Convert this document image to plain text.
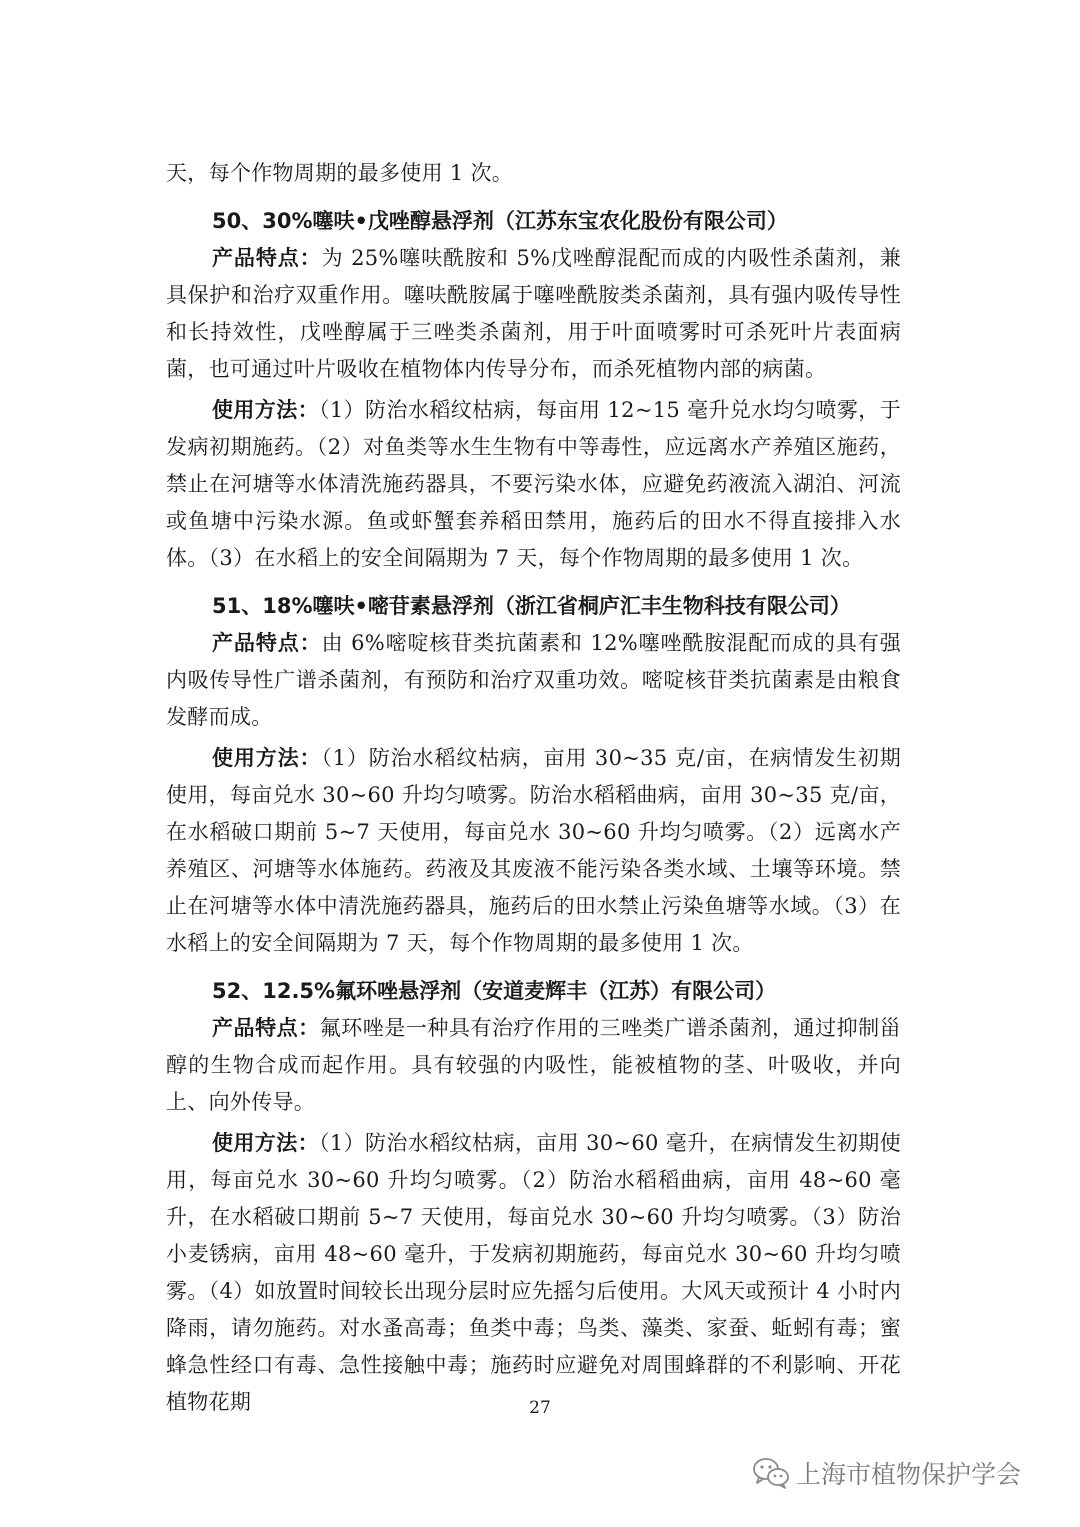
天，每个作物周期的最多使用 1 次。

50、30%噻呋•戊唑醇悬浮剂（江苏东宝农化股份有限公司）

产品特点：为 25%噻呋酰胺和 5%戊唑醇混配而成的内吸性杀菌剂，兼具保护和治疗双重作用。噻呋酰胺属于噻唑酰胺类杀菌剂，具有强内吸传导性和长持效性，戊唑醇属于三唑类杀菌剂，用于叶面喷雾时可杀死叶片表面病菌，也可通过叶片吸收在植物体内传导分布，而杀死植物内部的病菌。

使用方法：（1）防治水稻纹枯病，每亩用 12~15 毫升兑水均匀喷雾，于发病初期施药。（2）对鱼类等水生生物有中等毒性，应远离水产养殖区施药，禁止在河塘等水体清洗施药器具，不要污染水体，应避免药液流入湖泊、河流或鱼塘中污染水源。鱼或虾蟹套养稻田禁用，施药后的田水不得直接排入水体。（3）在水稻上的安全间隔期为 7 天，每个作物周期的最多使用 1 次。

51、18%噻呋•嘧苷素悬浮剂（浙江省桐庐汇丰生物科技有限公司）

产品特点：由 6%嘧啶核苷类抗菌素和 12%噻唑酰胺混配而成的具有强内吸传导性广谱杀菌剂，有预防和治疗双重功效。嘧啶核苷类抗菌素是由粮食发酵而成。

使用方法：（1）防治水稻纹枯病，亩用 30~35 克/亩，在病情发生初期使用，每亩兑水 30~60 升均匀喷雾。防治水稻稻曲病，亩用 30~35 克/亩，在水稻破口期前 5~7 天使用，每亩兑水 30~60 升均匀喷雾。（2）远离水产养殖区、河塘等水体施药。药液及其废液不能污染各类水域、土壤等环境。禁止在河塘等水体中清洗施药器具，施药后的田水禁止污染鱼塘等水域。（3）在水稻上的安全间隔期为 7 天，每个作物周期的最多使用 1 次。

52、12.5%氟环唑悬浮剂（安道麦辉丰（江苏）有限公司）

产品特点：氟环唑是一种具有治疗作用的三唑类广谱杀菌剂，通过抑制甾醇的生物合成而起作用。具有较强的内吸性，能被植物的茎、叶吸收，并向上、向外传导。

使用方法：（1）防治水稻纹枯病，亩用 30~60 毫升，在病情发生初期使用，每亩兑水 30~60 升均匀喷雾。（2）防治水稻稻曲病，亩用 48~60 毫升，在水稻破口期前 5~7 天使用，每亩兑水 30~60 升均匀喷雾。（3）防治小麦锈病，亩用 48~60 毫升，于发病初期施药，每亩兑水 30~60 升均匀喷雾。（4）如放置时间较长出现分层时应先摇匀后使用。大风天或预计 4 小时内降雨，请勿施药。对水蚤高毒；鱼类中毒；鸟类、藻类、家蚕、蚯蚓有毒；蜜蜂急性经口有毒、急性接触中毒；施药时应避免对周围蜂群的不利影响、开花植物花期	27
上海市植物保护学会
